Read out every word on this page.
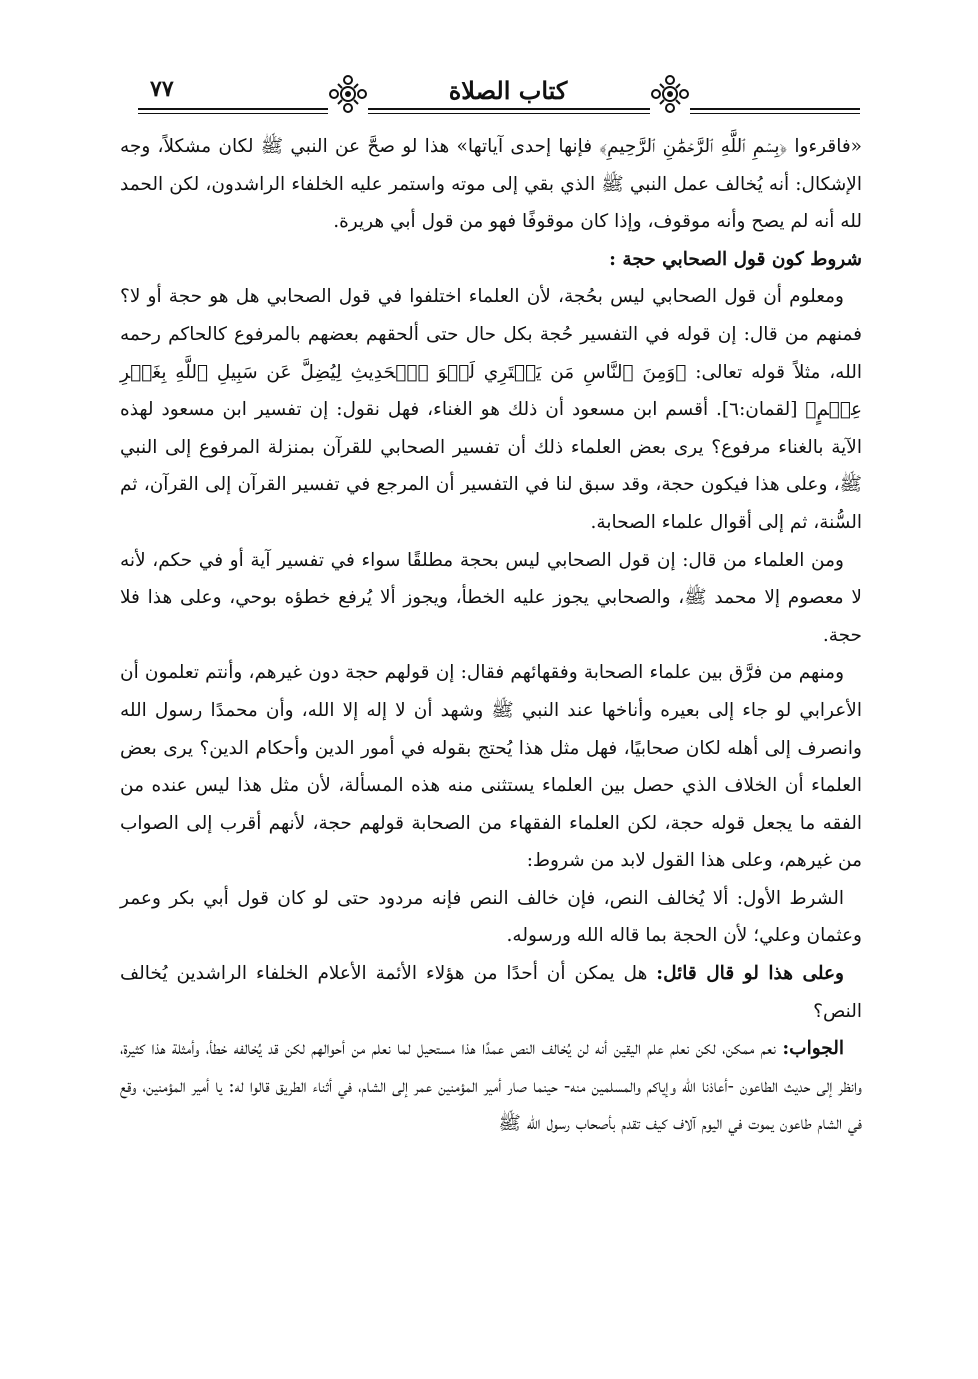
٧٧	كتاب الصلاة

«فاقرءوا ﴿بِسۡمِ ٱللَّهِ ٱلرَّحۡمَٰنِ ٱلرَّحِيمِ﴾ فإنها إحدى آياتها» هذا لو صحَّ عن النبي ﷺ لكان مشكلاً، وجه الإشكال: أنه يُخالف عمل النبي ﷺ الذي بقي إلى موته واستمر عليه الخلفاء الراشدون، لكن الحمد لله أنه لم يصح وأنه موقوف، وإذا كان موقوفًا فهو من قول أبي هريرة.

شروط كون قول الصحابي حجة :

ومعلوم أن قول الصحابي ليس بحُجة، لأن العلماء اختلفوا في قول الصحابي هل هو حجة أو لا؟ فمنهم من قال: إن قوله في التفسير حُجة بكل حال حتى ألحقهم بعضهم بالمرفوع كالحاكم رحمه الله، مثلاً قوله تعالى: ﴿وَمِنَ ٱلنَّاسِ مَن يَشۡتَرِي لَهۡوَ ٱلۡحَدِيثِ لِيُضِلَّ عَن سَبِيلِ ٱللَّهِ بِغَيۡرِ عِلۡمٍ﴾ [لقمان:٦]. أقسم ابن مسعود أن ذلك هو الغناء، فهل نقول: إن تفسير ابن مسعود لهذه الآية بالغناء مرفوع؟ يرى بعض العلماء ذلك أن تفسير الصحابي للقرآن بمنزلة المرفوع إلى النبي ﷺ، وعلى هذا فيكون حجة، وقد سبق لنا في التفسير أن المرجع في تفسير القرآن إلى القرآن، ثم السُّنة، ثم إلى أقوال علماء الصحابة.

ومن العلماء من قال: إن قول الصحابي ليس بحجة مطلقًا سواء في تفسير آية أو في حكم، لأنه لا معصوم إلا محمد ﷺ، والصحابي يجوز عليه الخطأ، ويجوز ألا يُرفع خطؤه بوحي، وعلى هذا فلا حجة.

ومنهم من فرَّق بين علماء الصحابة وفقهائهم فقال: إن قولهم حجة دون غيرهم، وأنتم تعلمون أن الأعرابي لو جاء إلى بعيره وأناخها عند النبي ﷺ وشهد أن لا إله إلا الله، وأن محمدًا رسول الله وانصرف إلى أهله لكان صحابيًا، فهل مثل هذا يُحتج بقوله في أمور الدين وأحكام الدين؟ يرى بعض العلماء أن الخلاف الذي حصل بين العلماء يستثنى منه هذه المسألة، لأن مثل هذا ليس عنده من الفقه ما يجعل قوله حجة، لكن العلماء الفقهاء من الصحابة قولهم حجة، لأنهم أقرب إلى الصواب من غيرهم، وعلى هذا القول لابد من شروط:

الشرط الأول: ألا يُخالف النص، فإن خالف النص فإنه مردود حتى لو كان قول أبي بكر وعمر وعثمان وعلي؛ لأن الحجة بما قاله الله ورسوله.

وعلى هذا لو قال قائل: هل يمكن أن أحدًا من هؤلاء الأئمة الأعلام الخلفاء الراشدين يُخالف النص؟

الجواب: نعم ممكن، لكن نعلم علم اليقين أنه لن يُخالف النص عمدًا هذا مستحيل لما نعلم من أحوالهم لكن قد يُخالفه خطأ، وأمثلة هذا كثيرة، وانظر إلى حديث الطاعون -أعاذنا الله وإياكم والمسلمين منه- حينما صار أمير المؤمنين عمر إلى الشام، في أثناء الطريق قالوا له: يا أمير المؤمنين، وقع في الشام طاعون يموت في اليوم آلاف كيف تقدم بأصحاب رسول الله ﷺ
